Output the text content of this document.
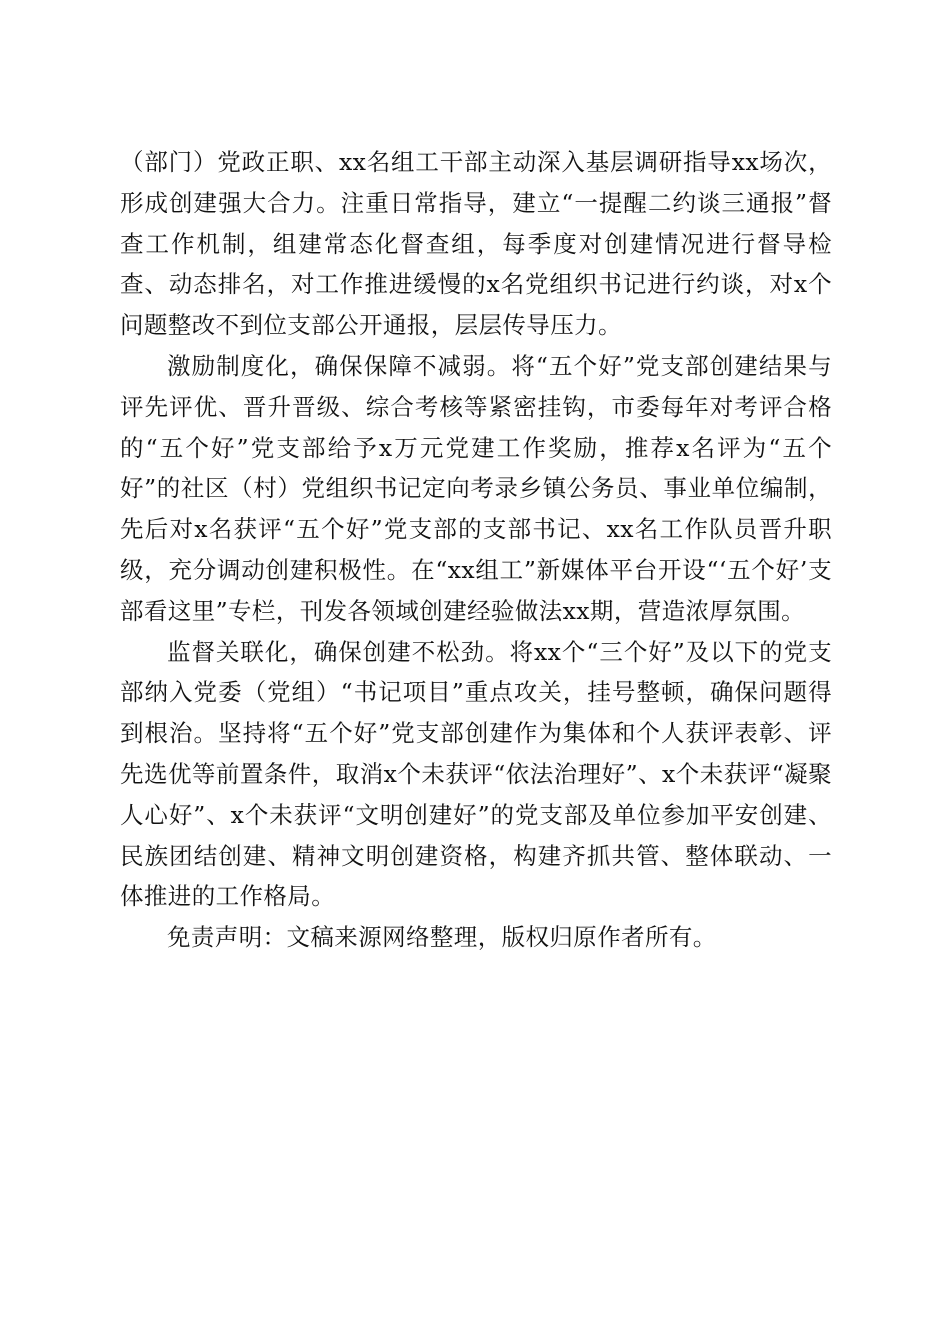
（部门）党政正职、xx名组工干部主动深入基层调研指导xx场次，形成创建强大合力。注重日常指导，建立“一提醒二约谈三通报”督查工作机制，组建常态化督查组，每季度对创建情况进行督导检查、动态排名，对工作推进缓慢的x名党组织书记进行约谈，对x个问题整改不到位支部公开通报，层层传导压力。

激励制度化，确保保障不减弱。将“五个好”党支部创建结果与评先评优、晋升晋级、综合考核等紧密挂钩，市委每年对考评合格的“五个好”党支部给予x万元党建工作奖励，推荐x名评为“五个好”的社区（村）党组织书记定向考录乡镇公务员、事业单位编制，先后对x名获评“五个好”党支部的支部书记、xx名工作队员晋升职级，充分调动创建积极性。在“xx组工”新媒体平台开设“‘五个好’支部看这里”专栏，刊发各领域创建经验做法xx期，营造浓厚氛围。

监督关联化，确保创建不松劲。将xx个“三个好”及以下的党支部纳入党委（党组）“书记项目”重点攻关，挂号整顿，确保问题得到根治。坚持将“五个好”党支部创建作为集体和个人获评表彰、评先选优等前置条件，取消x个未获评“依法治理好”、x个未获评“凝聚人心好”、x个未获评“文明创建好”的党支部及单位参加平安创建、民族团结创建、精神文明创建资格，构建齐抓共管、整体联动、一体推进的工作格局。

免责声明：文稿来源网络整理，版权归原作者所有。
